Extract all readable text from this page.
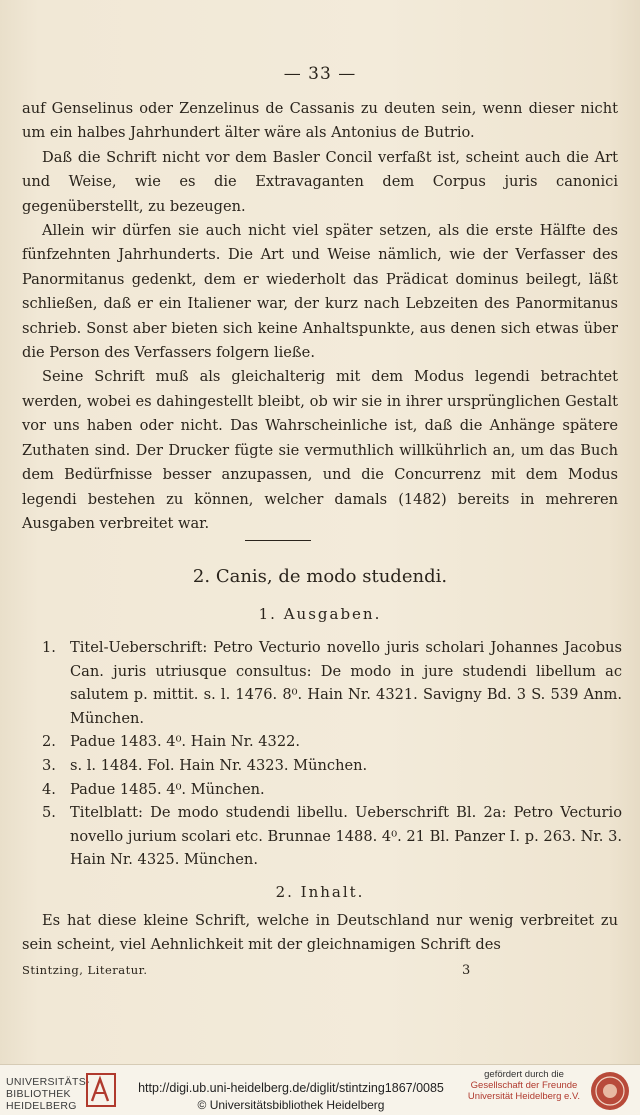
— 33 —

auf Genselinus oder Zenzelinus de Cassanis zu deuten sein, wenn dieser nicht um ein halbes Jahrhundert älter wäre als Antonius de Butrio.

Daß die Schrift nicht vor dem Basler Concil verfaßt ist, scheint auch die Art und Weise, wie es die Extravaganten dem Corpus juris canonici gegenüberstellt, zu bezeugen.

Allein wir dürfen sie auch nicht viel später setzen, als die erste Hälfte des fünfzehnten Jahrhunderts. Die Art und Weise nämlich, wie der Verfasser des Panormitanus gedenkt, dem er wiederholt das Prädicat dominus beilegt, läßt schließen, daß er ein Italiener war, der kurz nach Lebzeiten des Panormitanus schrieb. Sonst aber bieten sich keine Anhaltspunkte, aus denen sich etwas über die Person des Verfassers folgern ließe.

Seine Schrift muß als gleichalterig mit dem Modus legendi betrachtet werden, wobei es dahingestellt bleibt, ob wir sie in ihrer ursprünglichen Gestalt vor uns haben oder nicht. Das Wahrscheinliche ist, daß die Anhänge spätere Zuthaten sind. Der Drucker fügte sie vermuthlich willkührlich an, um das Buch dem Bedürfnisse besser anzupassen, und die Concurrenz mit dem Modus legendi bestehen zu können, welcher damals (1482) bereits in mehreren Ausgaben verbreitet war.

2. Canis, de modo studendi.
1. Ausgaben.
1. Titel-Ueberschrift: Petro Vecturio novello juris scholari Johannes Jacobus Can. juris utriusque consultus: De modo in jure studendi libellum ac salutem p. mittit. s. l. 1476. 8⁰. Hain Nr. 4321. Savigny Bd. 3 S. 539 Anm. München.
2. Padue 1483. 4⁰. Hain Nr. 4322.
3. s. l. 1484. Fol. Hain Nr. 4323. München.
4. Padue 1485. 4⁰. München.
5. Titelblatt: De modo studendi libellu. Ueberschrift Bl. 2a: Petro Vecturio novello jurium scolari etc. Brunnae 1488. 4⁰. 21 Bl. Panzer I. p. 263. Nr. 3. Hain Nr. 4325. München.
2. Inhalt.

Es hat diese kleine Schrift, welche in Deutschland nur wenig verbreitet zu sein scheint, viel Aehnlichkeit mit der gleichnamigen Schrift des

Stintzing, Literatur.	3
UNIVERSITÄTS-BIBLIOTHEK HEIDELBERG
http://digi.ub.uni-heidelberg.de/diglit/stintzing1867/0085
© Universitätsbibliothek Heidelberg
gefördert durch die
Gesellschaft der Freunde Universität Heidelberg e.V.
